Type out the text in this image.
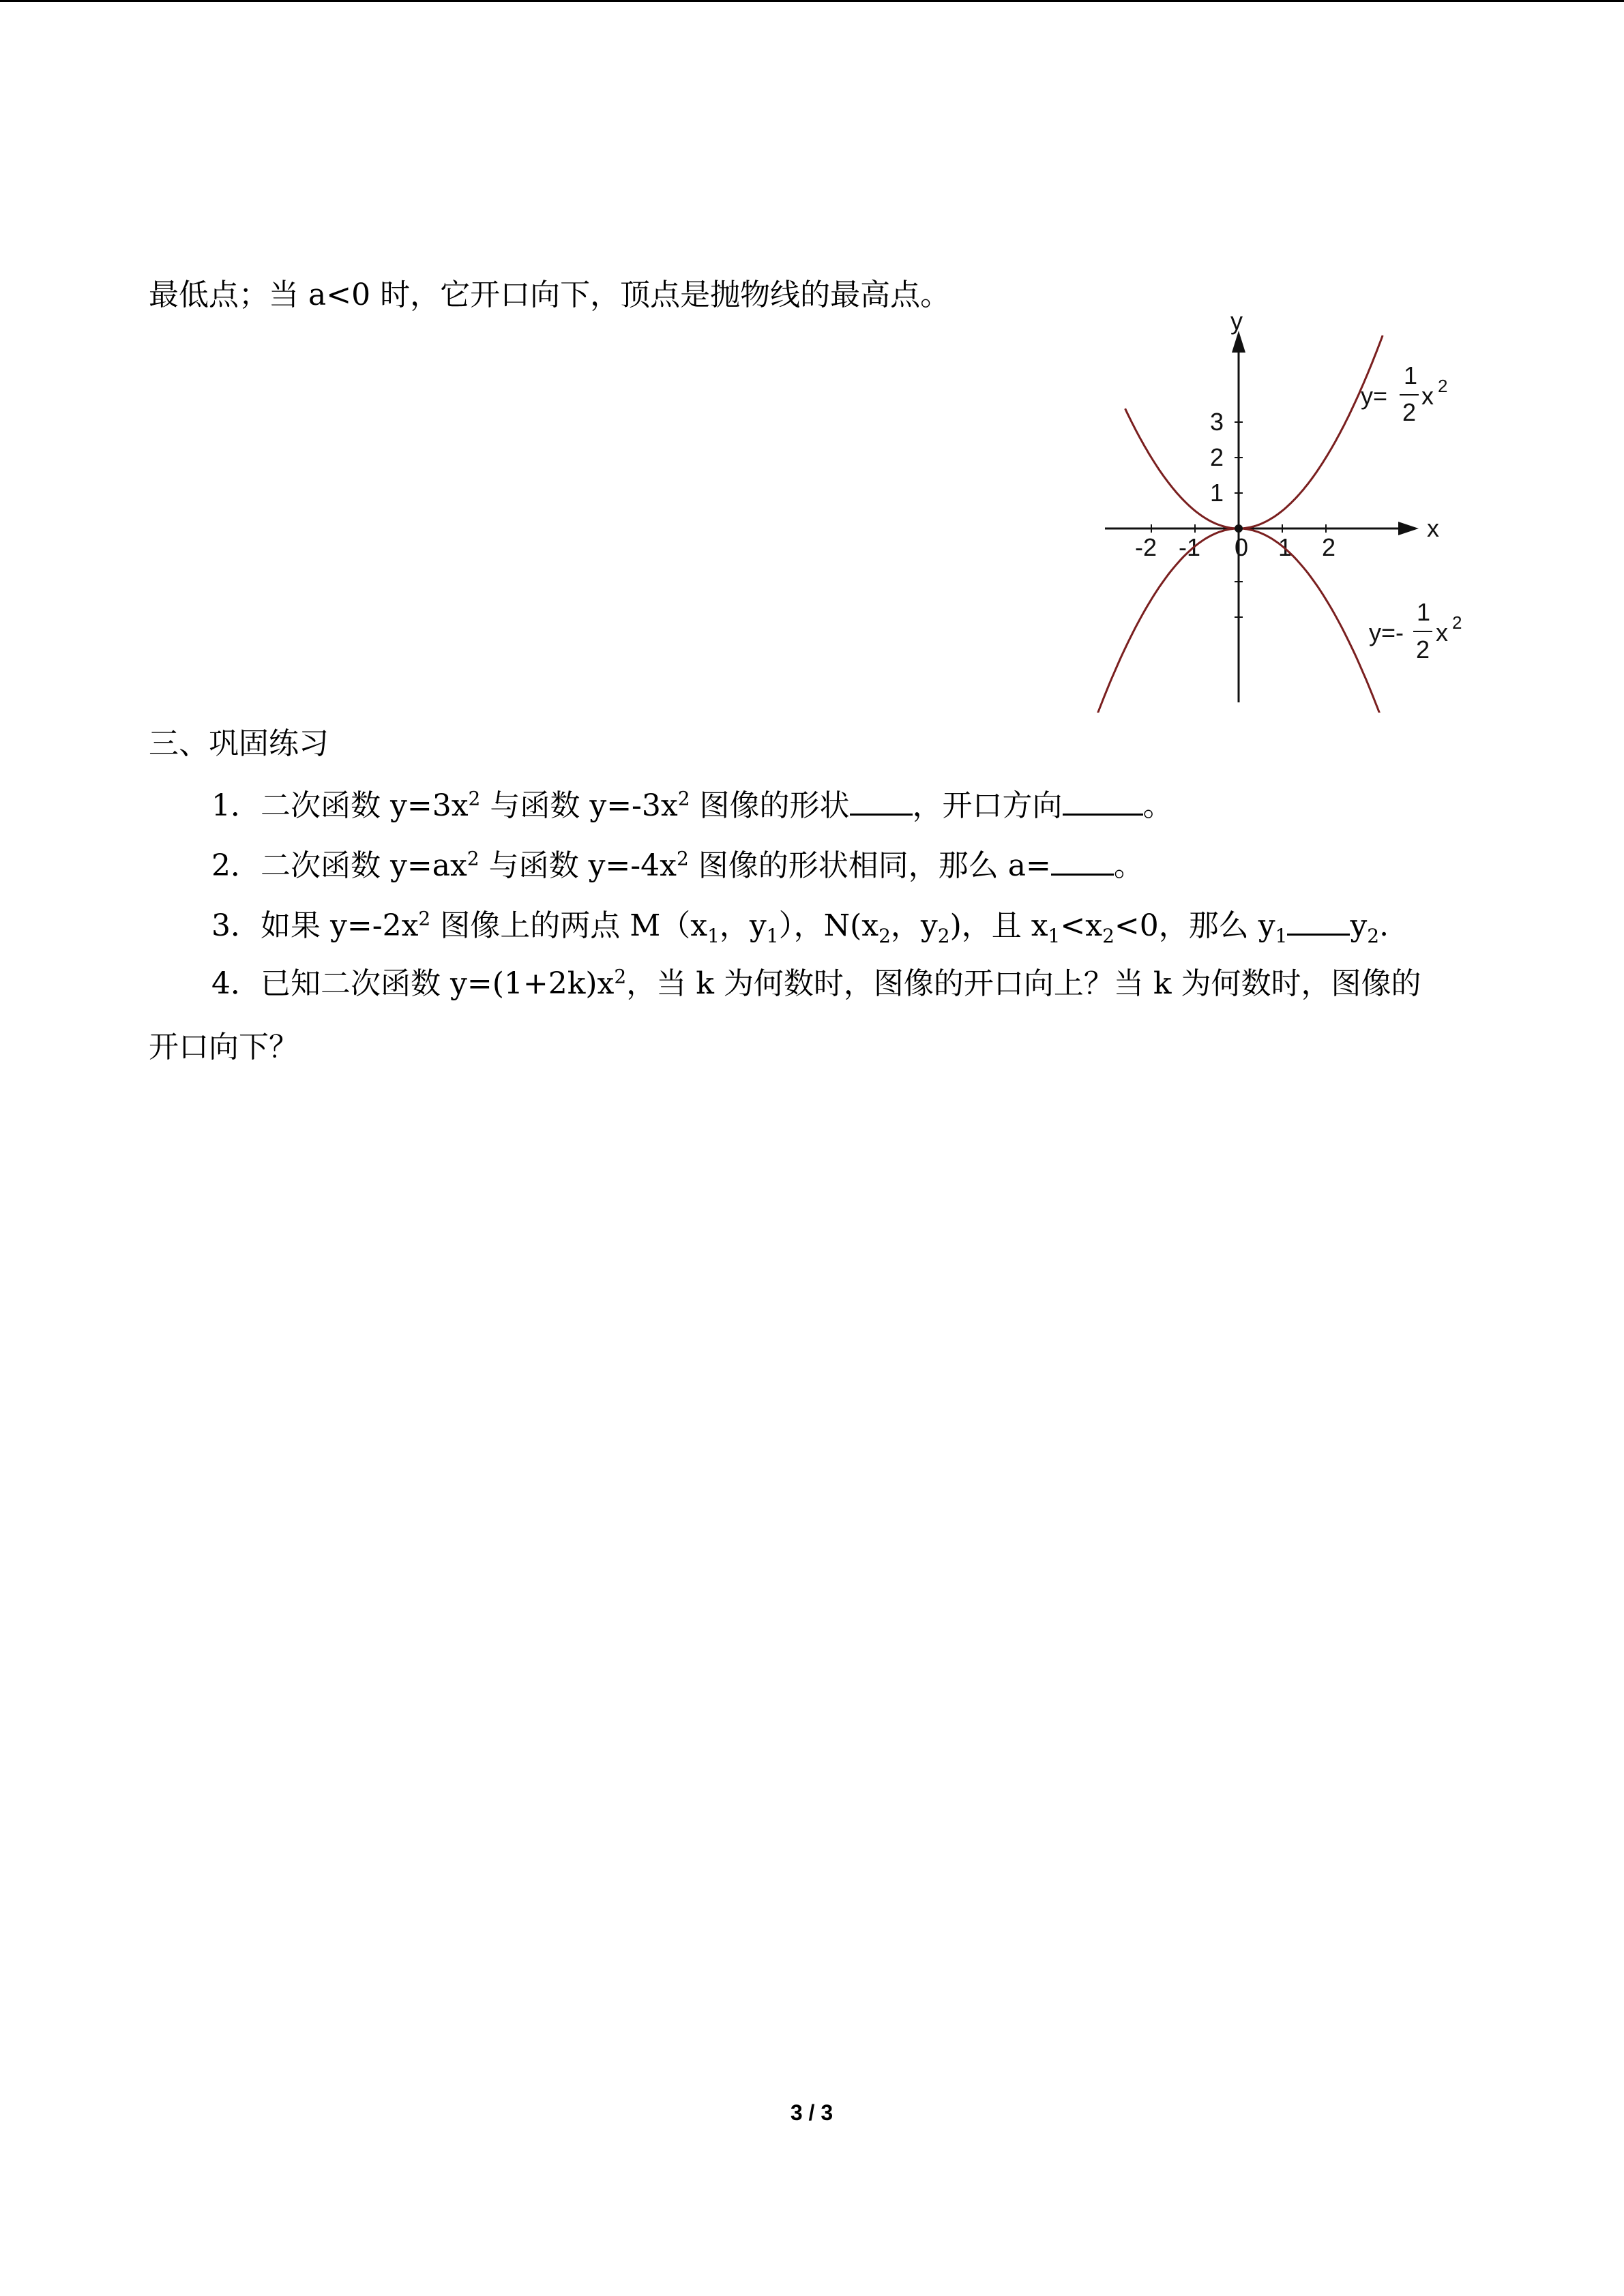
最低点；当 a<0 时，它开口向下，顶点是抛物线的最高点。
x
y
-2 -1 0 1 2
1
2
3
y=
1
2
x 2
y=-
1
2
x 2
三、巩固练习
1．二次函数 $y=3x^2$ 与函数 $y=-3x^2$ 图像的形状 ，开口方向	。
2．二次函数 $y=ax^2$ 与函数 $y=-4x^2$ 图像的形状相同，那么 a= 。
3．如果 $y=-2x^2$ 图像上的两点 $M(x_1$，$y_1$），$N(x_2$，$y_2$)，且 $x_1<x_2<0$，那么 $y_1$ $y_2$.
4．已知二次函数 $y=(1+2k)x^2$，当 k 为何数时，图像的开口向上？当 k 为何数时，图像的
开口向下？
3 / 3
